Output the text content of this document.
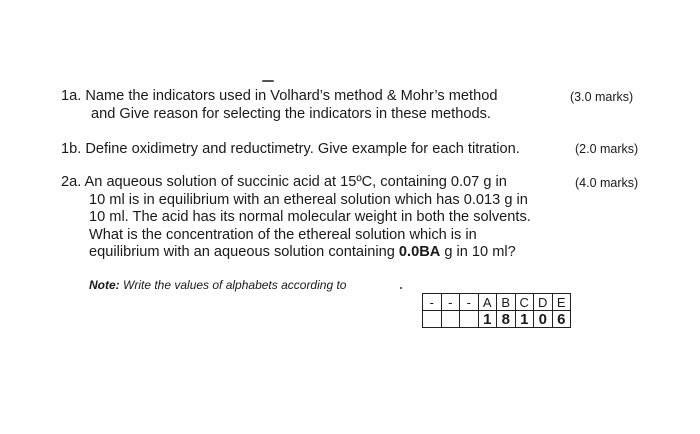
1a. Name the indicators used in Volhard’s method & Mohr’s method
and Give reason for selecting the indicators in these methods.
(3.0 marks)
1b. Define oxidimetry and reductimetry. Give example for each titration.	(2.0 marks)
2a. An aqueous solution of succinic acid at 15ºC, containing 0.07 g in
10 ml is in equilibrium with an ethereal solution which has 0.013 g in
10 ml. The acid has its normal molecular weight in both the solvents.
What is the concentration of the ethereal solution which is in
equilibrium with an aqueous solution containing 0.0BA g in 10 ml?
(4.0 marks)
Note: Write the values of alphabets according to
-	-	-	A	B	C	D	E
			1	8	1	0	6
